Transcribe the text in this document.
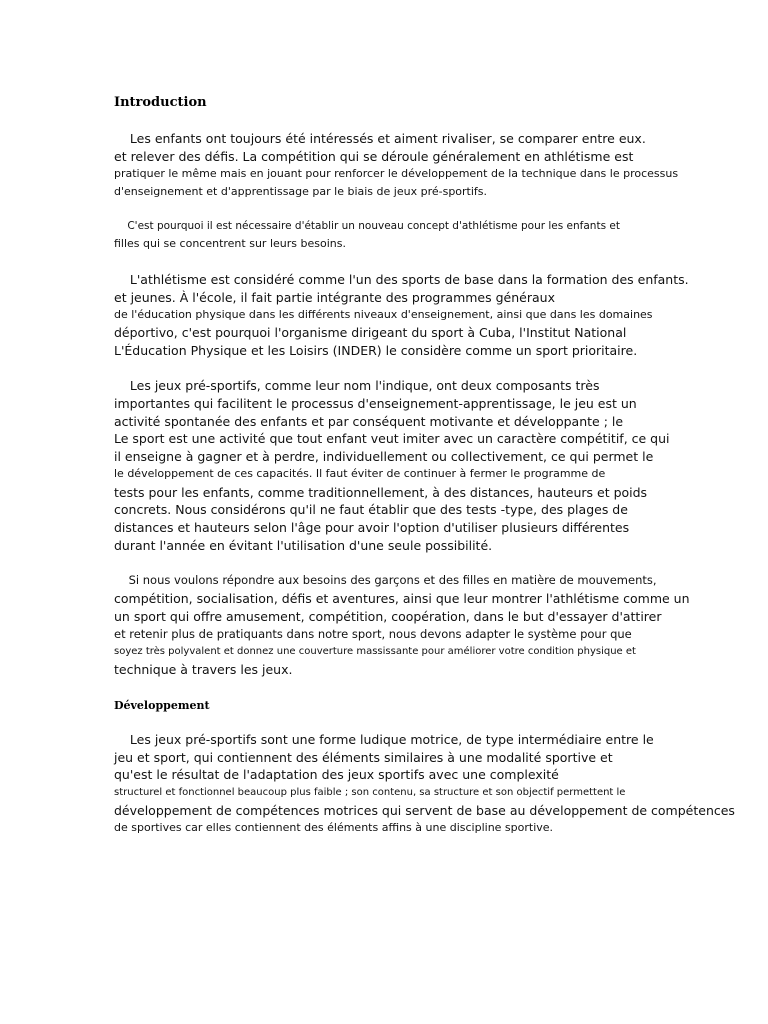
Introduction

Les enfants ont toujours été intéressés et aiment rivaliser, se comparer entre eux.

et relever des défis. La compétition qui se déroule généralement en athlétisme est

pratiquer le même mais en jouant pour renforcer le développement de la technique dans le processus

d'enseignement et d'apprentissage par le biais de jeux pré-sportifs.

C'est pourquoi il est nécessaire d'établir un nouveau concept d'athlétisme pour les enfants et

filles qui se concentrent sur leurs besoins.

L'athlétisme est considéré comme l'un des sports de base dans la formation des enfants.

et jeunes. À l'école, il fait partie intégrante des programmes généraux

de l'éducation physique dans les différents niveaux d'enseignement, ainsi que dans les domaines

déportivo, c'est pourquoi l'organisme dirigeant du sport à Cuba, l'Institut National

L'Éducation Physique et les Loisirs (INDER) le considère comme un sport prioritaire.

Les jeux pré-sportifs, comme leur nom l'indique, ont deux composants très

importantes qui facilitent le processus d'enseignement-apprentissage, le jeu est un

activité spontanée des enfants et par conséquent motivante et développante ; le

Le sport est une activité que tout enfant veut imiter avec un caractère compétitif, ce qui

il enseigne à gagner et à perdre, individuellement ou collectivement, ce qui permet le

le développement de ces capacités. Il faut éviter de continuer à fermer le programme de

tests pour les enfants, comme traditionnellement, à des distances, hauteurs et poids

concrets. Nous considérons qu'il ne faut établir que des tests -type, des plages de

distances et hauteurs selon l'âge pour avoir l'option d'utiliser plusieurs différentes

durant l'année en évitant l'utilisation d'une seule possibilité.

Si nous voulons répondre aux besoins des garçons et des filles en matière de mouvements,

compétition, socialisation, défis et aventures, ainsi que leur montrer l'athlétisme comme un

un sport qui offre amusement, compétition, coopération, dans le but d'essayer d'attirer

et retenir plus de pratiquants dans notre sport, nous devons adapter le système pour que

soyez très polyvalent et donnez une couverture massissante pour améliorer votre condition physique et

technique à travers les jeux.

Développement

Les jeux pré-sportifs sont une forme ludique motrice, de type intermédiaire entre le

jeu et sport, qui contiennent des éléments similaires à une modalité sportive et

qu'est le résultat de l'adaptation des jeux sportifs avec une complexité

structurel et fonctionnel beaucoup plus faible ; son contenu, sa structure et son objectif permettent le

développement de compétences motrices qui servent de base au développement de compétences

de sportives car elles contiennent des éléments affins à une discipline sportive.
